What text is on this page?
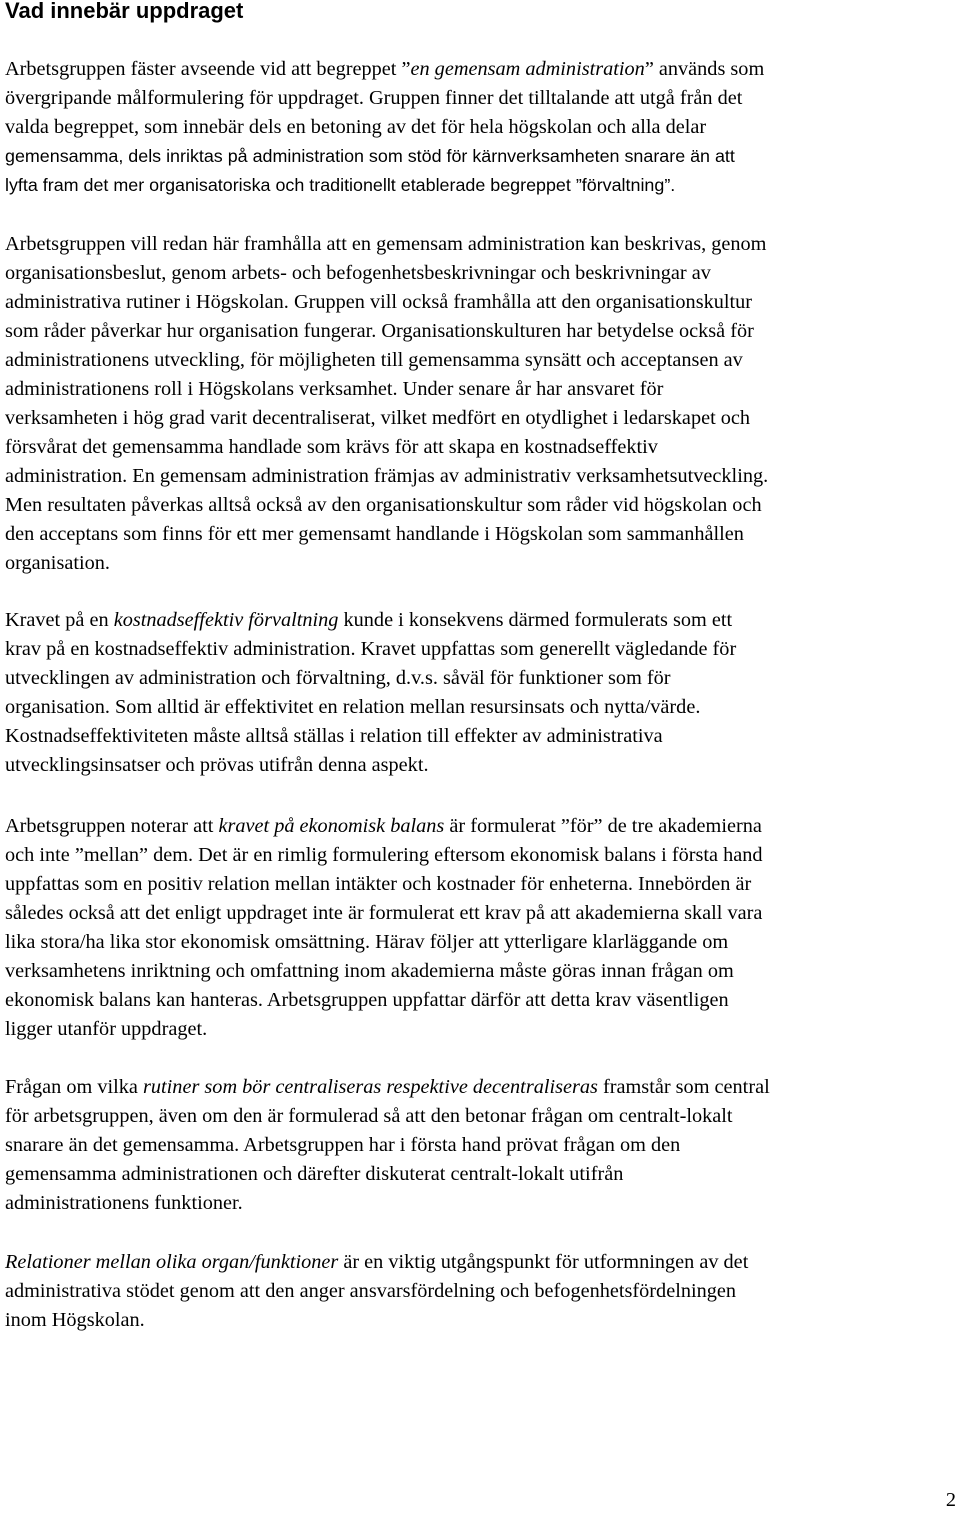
Vad innebär uppdraget

Arbetsgruppen fäster avseende vid att begreppet ”en gemensam administration” används som
övergripande målformulering för uppdraget. Gruppen finner det tilltalande att utgå från det
valda begreppet, som innebär dels en betoning av det för hela högskolan och alla delar
gemensamma, dels inriktas på administration som stöd för kärnverksamheten snarare än att
lyfta fram det mer organisatoriska och traditionellt etablerade begreppet ”förvaltning”.

Arbetsgruppen vill redan här framhålla att en gemensam administration kan beskrivas, genom
organisationsbeslut, genom arbets- och befogenhetsbeskrivningar och beskrivningar av
administrativa rutiner i Högskolan. Gruppen vill också framhålla att den organisationskultur
som råder påverkar hur organisation fungerar. Organisationskulturen har betydelse också för
administrationens utveckling, för möjligheten till gemensamma synsätt och acceptansen av
administrationens roll i Högskolans verksamhet. Under senare år har ansvaret för
verksamheten i hög grad varit decentraliserat, vilket medfört en otydlighet i ledarskapet och
försvårat det gemensamma handlade som krävs för att skapa en kostnadseffektiv
administration. En gemensam administration främjas av administrativ verksamhetsutveckling.
Men resultaten påverkas alltså också av den organisationskultur som råder vid högskolan och
den acceptans som finns för ett mer gemensamt handlande i Högskolan som sammanhållen
organisation.

Kravet på en kostnadseffektiv förvaltning kunde i konsekvens därmed formulerats som ett
krav på en kostnadseffektiv administration. Kravet uppfattas som generellt vägledande för
utvecklingen av administration och förvaltning, d.v.s. såväl för funktioner som för
organisation. Som alltid är effektivitet en relation mellan resursinsats och nytta/värde.
Kostnadseffektiviteten måste alltså ställas i relation till effekter av administrativa
utvecklingsinsatser och prövas utifrån denna aspekt.

Arbetsgruppen noterar att kravet på ekonomisk balans är formulerat ”för” de tre akademierna
och inte ”mellan” dem. Det är en rimlig formulering eftersom ekonomisk balans i första hand
uppfattas som en positiv relation mellan intäkter och kostnader för enheterna. Innebörden är
således också att det enligt uppdraget inte är formulerat ett krav på att akademierna skall vara
lika stora/ha lika stor ekonomisk omsättning. Härav följer att ytterligare klarläggande om
verksamhetens inriktning och omfattning inom akademierna måste göras innan frågan om
ekonomisk balans kan hanteras. Arbetsgruppen uppfattar därför att detta krav väsentligen
ligger utanför uppdraget.

Frågan om vilka rutiner som bör centraliseras respektive decentraliseras framstår som central
för arbetsgruppen, även om den är formulerad så att den betonar frågan om centralt-lokalt
snarare än det gemensamma. Arbetsgruppen har i första hand prövat frågan om den
gemensamma administrationen och därefter diskuterat centralt-lokalt utifrån
administrationens funktioner.

Relationer mellan olika organ/funktioner är en viktig utgångspunkt för utformningen av det
administrativa stödet genom att den anger ansvarsfördelning och befogenhetsfördelningen
inom Högskolan.

2
